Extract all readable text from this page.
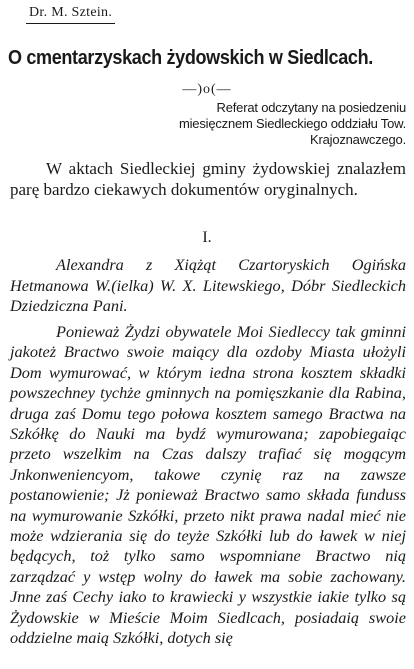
Dr. M. Sztein.
O cmentarzyskach żydowskich w Siedlcach.
—)o(—
Referat odczytany na posiedzeniu miesięcznem Siedleckiego oddziału Tow. Krajoznawczego.

W aktach Siedleckiej gminy żydowskiej znalazłem parę bardzo ciekawych dokumentów oryginalnych.

I.

Alexandra z Xiążąt Czartoryskich Ogińska Hetmanowa W.(ielka) W. X. Litewskiego, Dóbr Siedleckich Dziedziczna Pani.

Ponieważ Żydzi obywatele Moi Siedleccy tak gminni jakoteż Bractwo swoie maiący dla ozdoby Miasta ułożyli Dom wymurować, w którym iedna strona kosztem składki powszechney tychże gminnych na pomięszkanie dla Rabina, druga zaś Domu tego połowa kosztem samego Bractwa na Szkółkę do Nauki ma bydź wymurowana; zapobiegaiąc przeto wszelkim na Czas dalszy trafiać się mogącym Jnkonweniencyom, takowe czynię raz na zawsze postanowienie; Jż ponieważ Bractwo samo składa funduss na wymurowanie Szkółki, przeto nikt prawa nadal mieć nie może wdzierania się do teyże Szkółki lub do ławek w niej będących, toż tylko samo wspomniane Bractwo nią zarządzać y wstęp wolny do ławek ma sobie zachowany. Jnne zaś Cechy iako to krawiecki y wszystkie iakie tylko są Żydowskie w Mieście Moim Siedlcach, posiadaią swoie oddzielne maią Szkółki, dotych się
